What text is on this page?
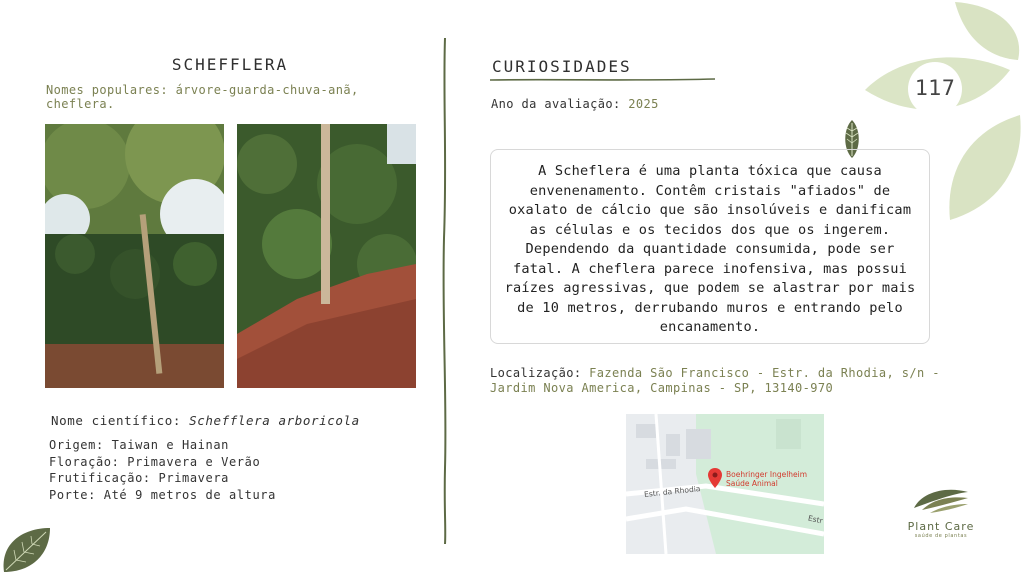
117
SCHEFFLERA
Nomes populares: árvore-guarda-chuva-anã, cheflera.
Nome científico: Schefflera arboricola
Origem: Taiwan e Hainan
Floração: Primavera e Verão
Frutificação: Primavera
Porte: Até 9 metros de altura
CURIOSIDADES
Ano da avaliação: 2025

A Scheflera é uma planta tóxica que causa envenenamento. Contêm cristais "afiados" de oxalato de cálcio que são insolúveis e danificam as células e os tecidos dos que os ingerem. Dependendo da quantidade consumida, pode ser fatal. A cheflera parece inofensiva, mas possui raízes agressivas, que podem se alastrar por mais de 10 metros, derrubando muros e entrando pelo encanamento.

Localização: Fazenda São Francisco - Estr. da Rhodia, s/n - Jardim Nova America, Campinas - SP, 13140-970
Estr. da Rhodia
Estr
Boehringer Ingelheim
Saúde Animal
Plant Care
saúde de plantas
